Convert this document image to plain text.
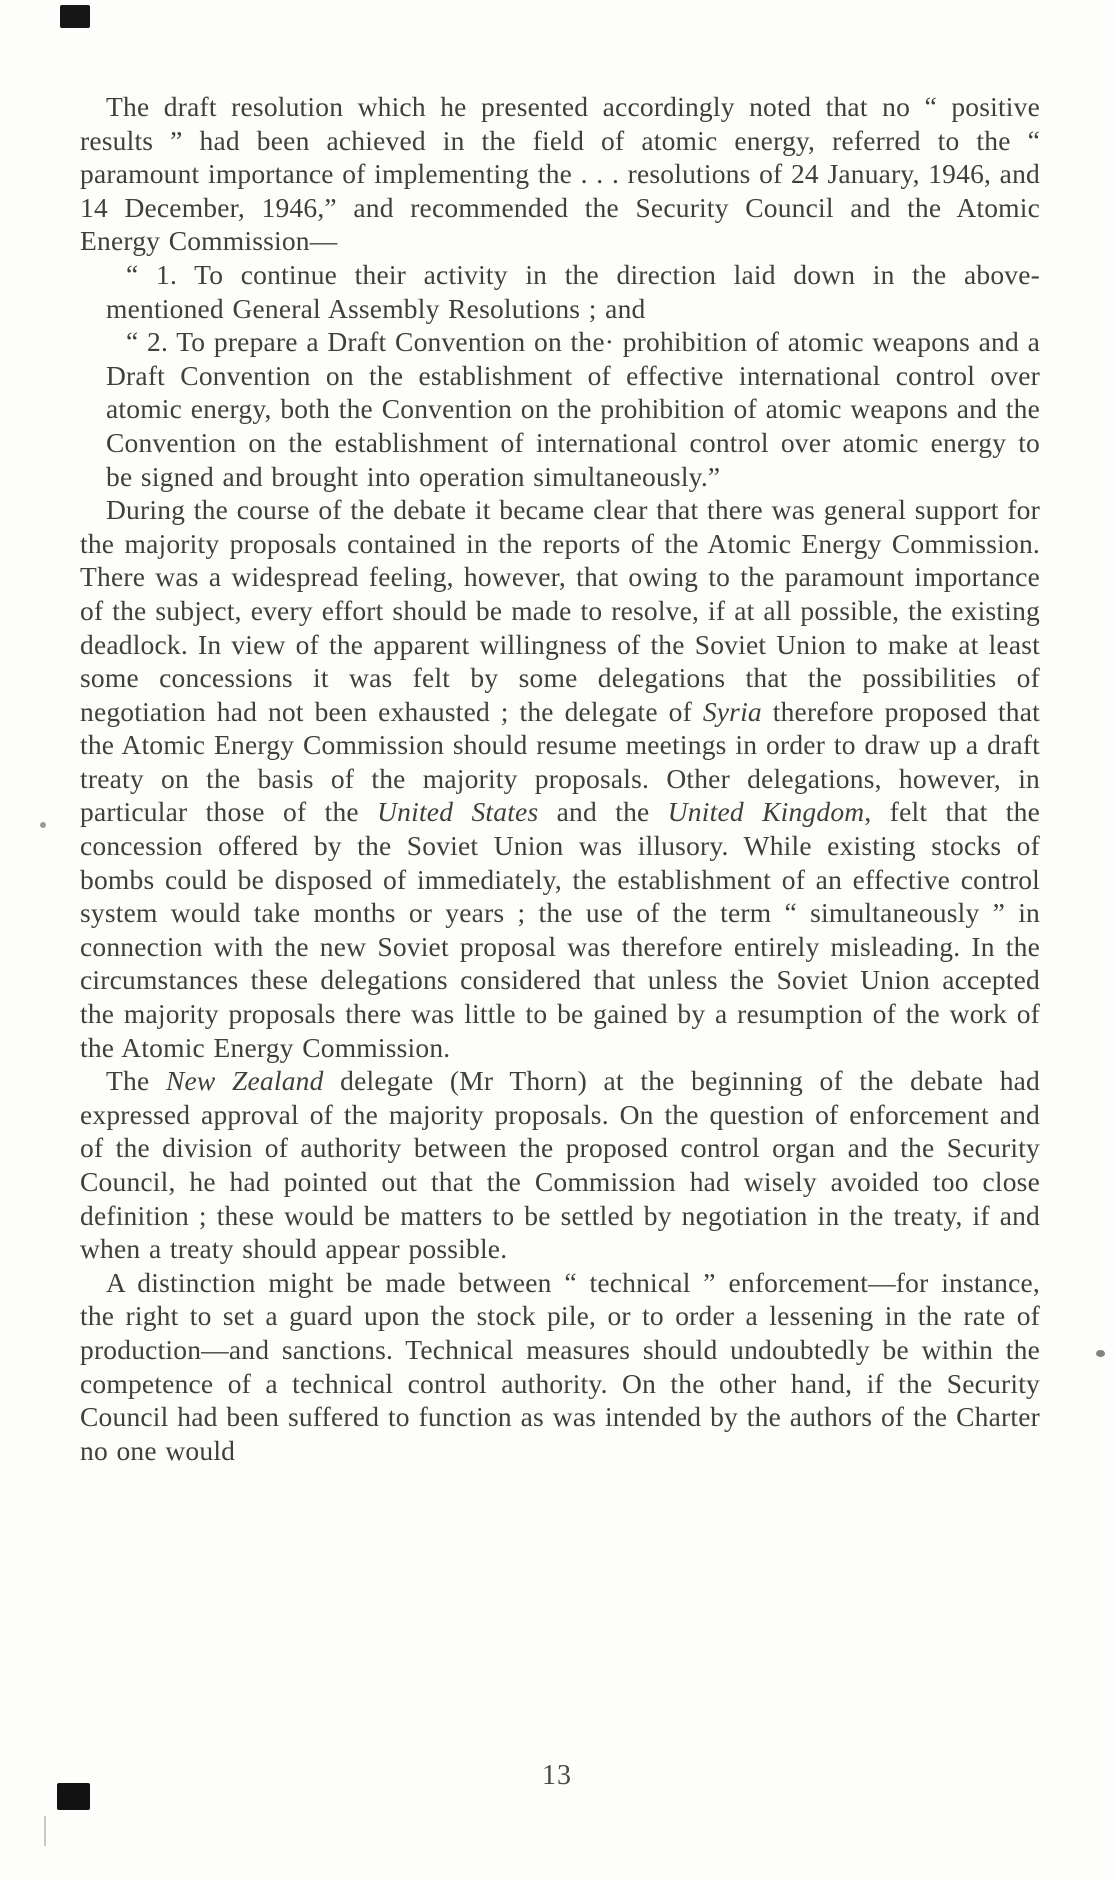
The draft resolution which he presented accordingly noted that no “ positive results ” had been achieved in the field of atomic energy, referred to the “ paramount importance of implementing the . . . resolutions of 24 January, 1946, and 14 December, 1946,” and recommended the Security Council and the Atomic Energy Commission—

“ 1. To continue their activity in the direction laid down in the above-mentioned General Assembly Resolutions ; and

“ 2. To prepare a Draft Convention on the· prohibition of atomic weapons and a Draft Convention on the establishment of effective international control over atomic energy, both the Convention on the prohibition of atomic weapons and the Convention on the establishment of international control over atomic energy to be signed and brought into operation simultaneously.”

During the course of the debate it became clear that there was general support for the majority proposals contained in the reports of the Atomic Energy Commission. There was a widespread feeling, however, that owing to the paramount importance of the subject, every effort should be made to resolve, if at all possible, the existing deadlock. In view of the apparent willingness of the Soviet Union to make at least some concessions it was felt by some delegations that the possibilities of negotiation had not been exhausted ; the delegate of Syria therefore proposed that the Atomic Energy Commission should resume meetings in order to draw up a draft treaty on the basis of the majority proposals. Other delegations, however, in particular those of the United States and the United Kingdom, felt that the concession offered by the Soviet Union was illusory. While existing stocks of bombs could be disposed of immediately, the establishment of an effective control system would take months or years ; the use of the term “ simultaneously ” in connection with the new Soviet proposal was therefore entirely misleading. In the circumstances these delegations considered that unless the Soviet Union accepted the majority proposals there was little to be gained by a resumption of the work of the Atomic Energy Commission.

The New Zealand delegate (Mr Thorn) at the beginning of the debate had expressed approval of the majority proposals. On the question of enforcement and of the division of authority between the proposed control organ and the Security Council, he had pointed out that the Commission had wisely avoided too close definition ; these would be matters to be settled by negotiation in the treaty, if and when a treaty should appear possible.

A distinction might be made between “ technical ” enforcement—for instance, the right to set a guard upon the stock pile, or to order a lessening in the rate of production—and sanctions. Technical measures should undoubtedly be within the competence of a technical control authority. On the other hand, if the Security Council had been suffered to function as was intended by the authors of the Charter no one would

13
